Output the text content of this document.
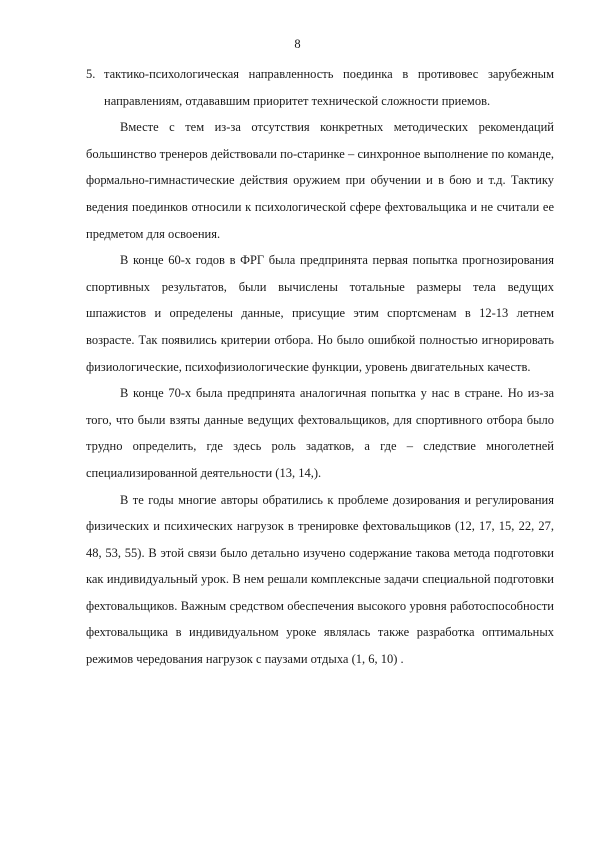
8
5. тактико-психологическая направленность поединка в противовес зарубежным направлениям, отдававшим приоритет технической сложности приемов.

Вместе с тем из-за отсутствия конкретных методических рекомендаций большинство тренеров действовали по-старинке – синхронное выполнение по команде, формально-гимнастические действия оружием при обучении и в бою и т.д. Тактику ведения поединков относили к психологической сфере фехтовальщика и не считали ее предметом для освоения.

В конце 60-х годов в ФРГ была предпринята первая попытка прогнозирования спортивных результатов, были вычислены тотальные размеры тела ведущих шпажистов и определены данные, присущие этим спортсменам в 12-13 летнем возрасте. Так появились критерии отбора. Но было ошибкой полностью игнорировать физиологические, психофизиологические функции, уровень двигательных качеств.

В конце 70-х была предпринята аналогичная попытка у нас в стране. Но из-за того, что были взяты данные ведущих фехтовальщиков, для спортивного отбора было трудно определить, где здесь роль задатков, а где – следствие многолетней специализированной деятельности (13, 14,).

В те годы многие авторы обратились к проблеме дозирования и регулирования физических и психических нагрузок в тренировке фехтовальщиков (12, 17, 15, 22, 27, 48, 53, 55). В этой связи было детально изучено содержание такова метода подготовки как индивидуальный урок. В нем решали комплексные задачи специальной подготовки фехтовальщиков. Важным средством обеспечения высокого уровня работоспособности фехтовальщика в индивидуальном уроке являлась также разработка оптимальных режимов чередования нагрузок с паузами отдыха (1, 6, 10) .
